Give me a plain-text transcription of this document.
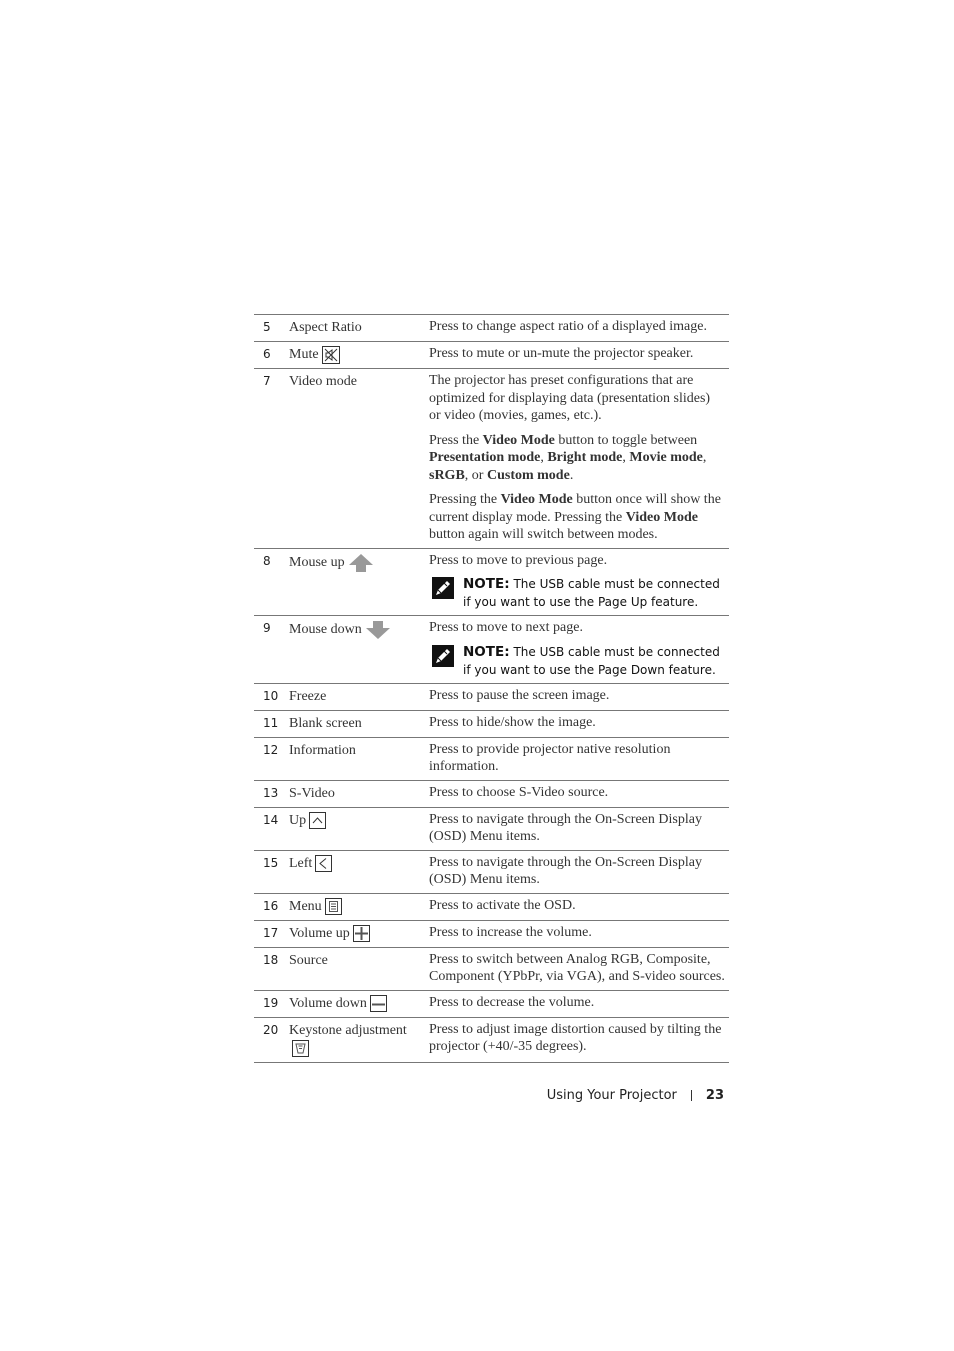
5	Aspect Ratio	Press to change aspect ratio of a displayed image.

6	Mute	Press to mute or un-mute the projector speaker.

7	Video mode	The projector has preset configurations that are optimized for displaying data (presentation slides) or video (movies, games, etc.).

Press the Video Mode button to toggle between Presentation mode, Bright mode, Movie mode, sRGB, or Custom mode.

Pressing the Video Mode button once will show the current display mode. Pressing the Video Mode button again will switch between modes.

8	Mouse up	Press to move to previous page.

NOTE: The USB cable must be connected if you want to use the Page Up feature.
9	Mouse down	Press to move to next page.

NOTE: The USB cable must be connected if you want to use the Page Down feature.
10 Freeze	Press to pause the screen image.

11 Blank screen	Press to hide/show the image.

12 Information	Press to provide projector native resolution information.

13 S-Video	Press to choose S-Video source.

14 Up	Press to navigate through the On-Screen Display (OSD) Menu items.

15 Left	Press to navigate through the On-Screen Display (OSD) Menu items.

16 Menu	Press to activate the OSD.

17 Volume up	Press to increase the volume.

18 Source	Press to switch between Analog RGB, Composite, Component (YPbPr, via VGA), and S-video sources.

19 Volume down	Press to decrease the volume.

20 Keystone adjustment	Press to adjust image distortion caused by tilting the projector (+40/-35 degrees).

Using Your Projector 23
